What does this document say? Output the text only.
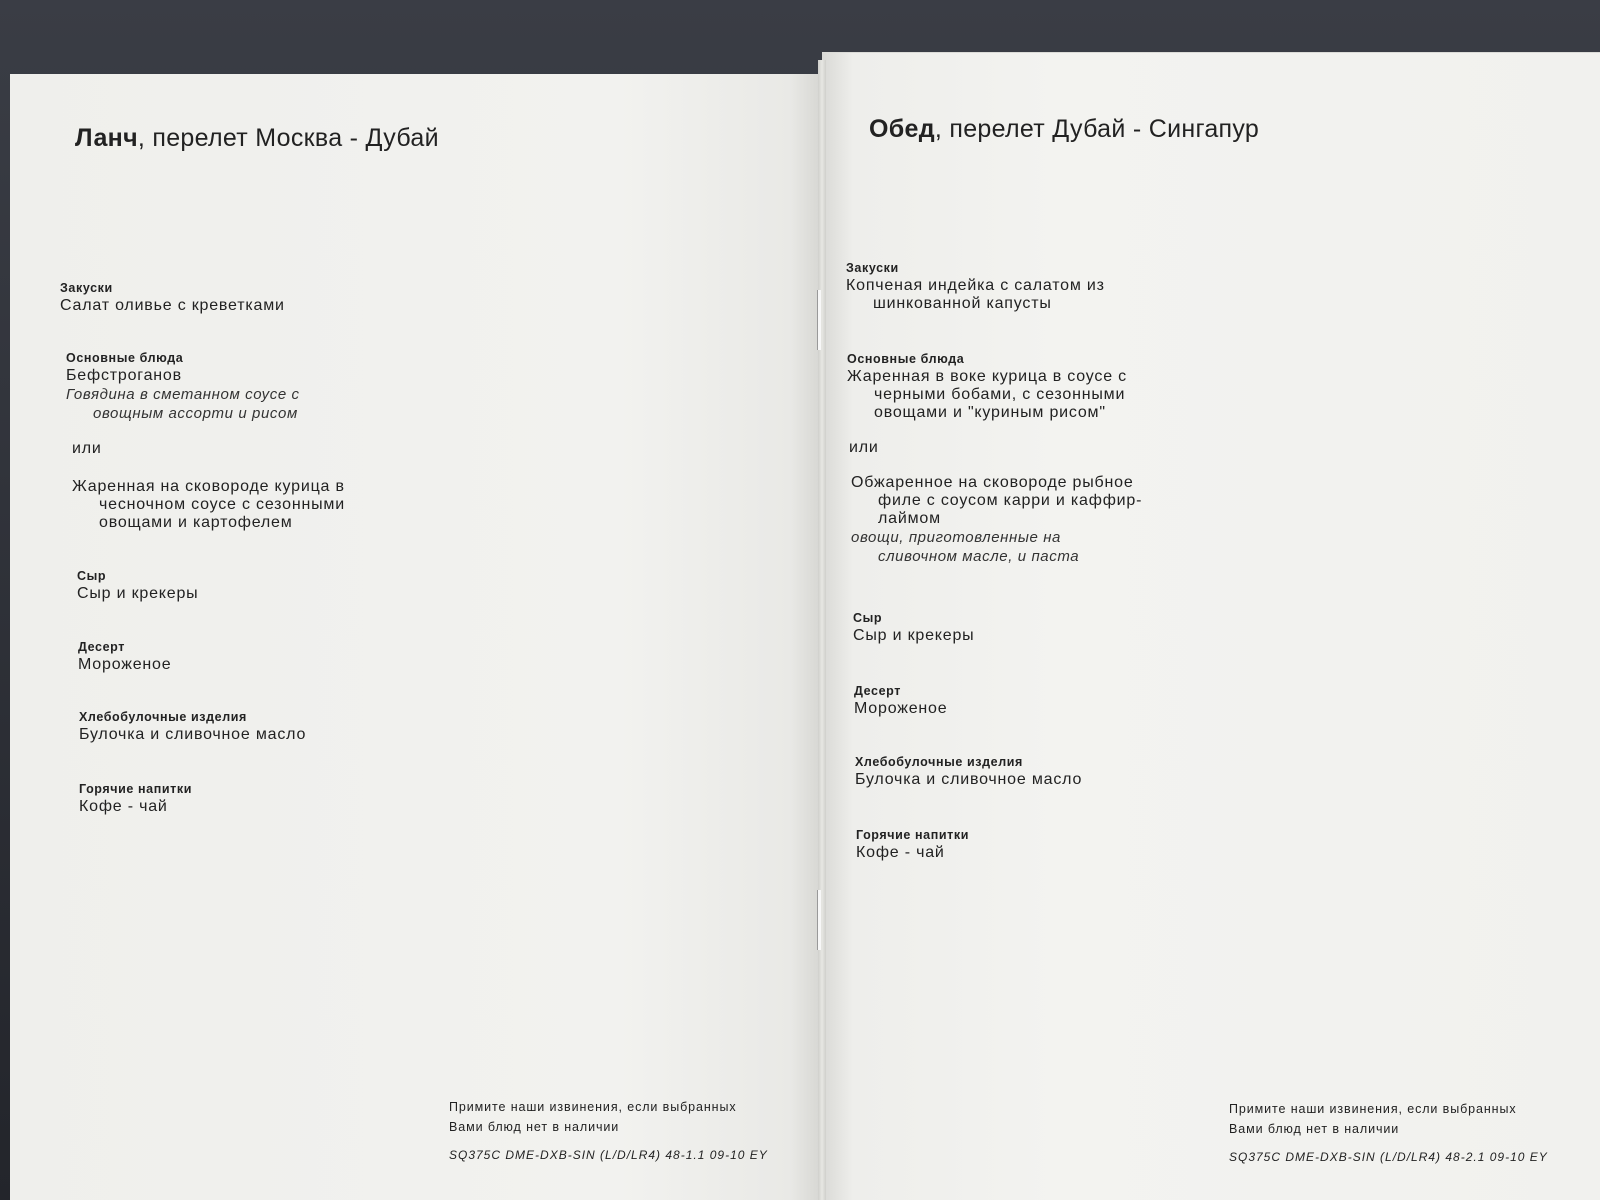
Ланч, перелет Москва - Дубай
Закуски
Салат оливье с креветками
Основные блюда
Бефстроганов
Говядина в сметанном соусе с
овощным ассорти и рисом
или
Жаренная на сковороде курица в
чесночном соусе с сезонными
овощами и картофелем
Сыр
Сыр и крекеры
Десерт
Мороженое
Хлебобулочные изделия
Булочка и сливочное масло
Горячие напитки
Кофе - чай
Примите наши извинения, если выбранных
Вами блюд нет в наличии
SQ375C DME-DXB-SIN (L/D/LR4) 48-1.1 09-10 EY
Обед, перелет Дубай - Сингапур
Закуски
Копченая индейка с салатом из
шинкованной капусты
Основные блюда
Жаренная в воке курица в соусе с
черными бобами, с сезонными
овощами и "куриным рисом"
или
Обжаренное на сковороде рыбное
филе с соусом карри и каффир-
лаймом
овощи, приготовленные на
сливочном масле, и паста
Сыр
Сыр и крекеры
Десерт
Мороженое
Хлебобулочные изделия
Булочка и сливочное масло
Горячие напитки
Кофе - чай
Примите наши извинения, если выбранных
Вами блюд нет в наличии
SQ375C DME-DXB-SIN (L/D/LR4) 48-2.1 09-10 EY
